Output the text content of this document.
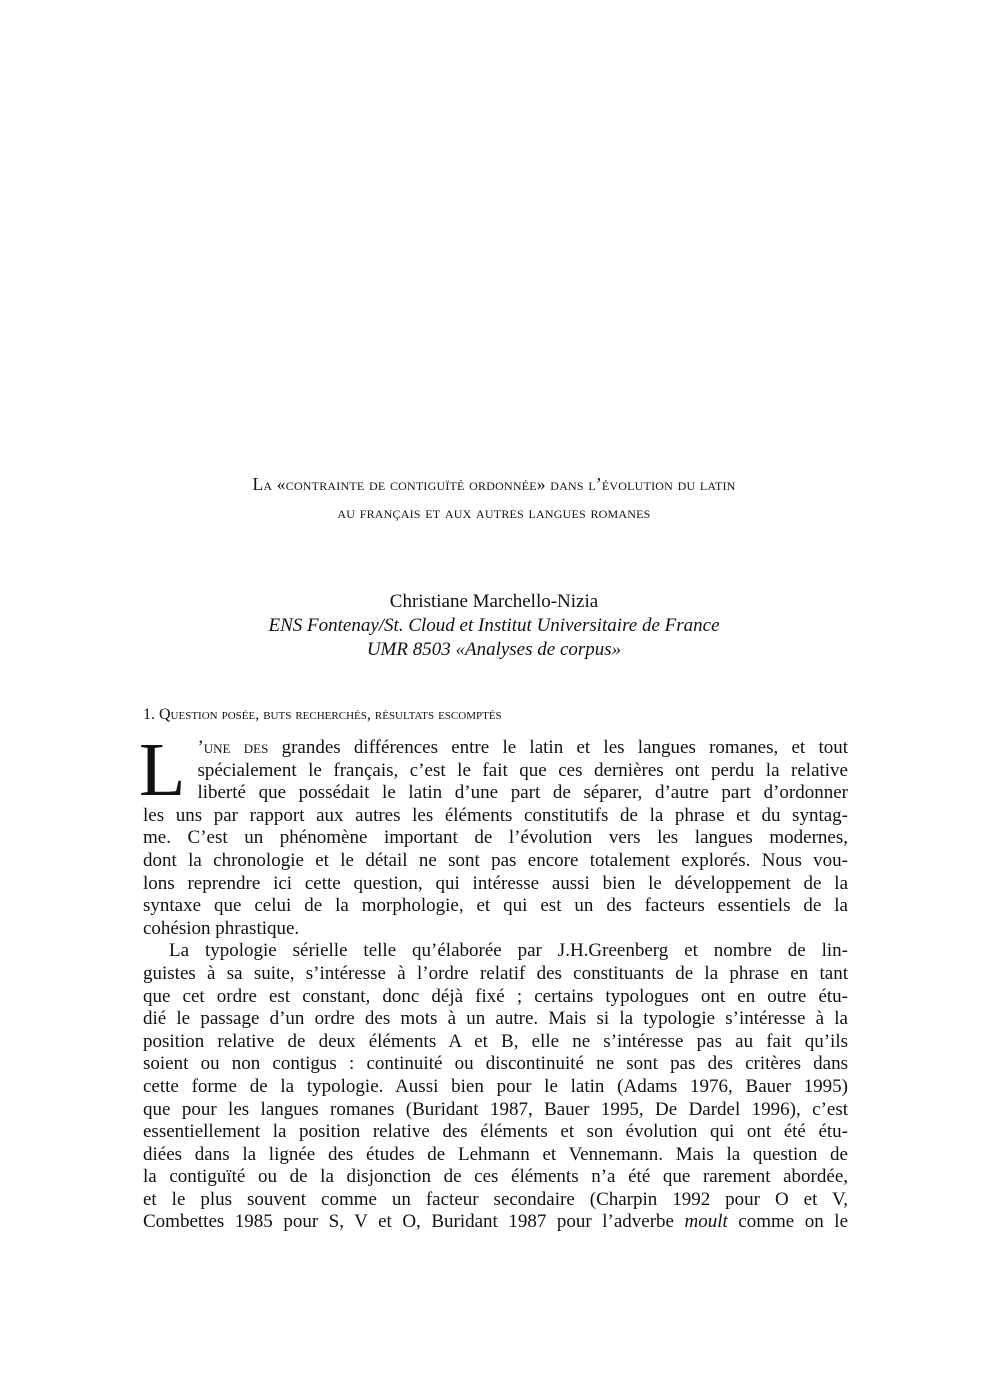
La «contrainte de contiguïté ordonnée» dans l’évolution du latin
au français et aux autres langues romanes
Christiane Marchello-Nizia
ENS Fontenay/St. Cloud et Institut Universitaire de France
UMR 8503 «Analyses de corpus»
1. Question posée, buts recherchés, résultats escomptés
L ’une des grandes différences entre le latin et les langues romanes, et tout
spécialement le français, c’est le fait que ces dernières ont perdu la relative
liberté que possédait le latin d’une part de séparer, d’autre part d’ordonner
les uns par rapport aux autres les éléments constitutifs de la phrase et du syntag-
me. C’est un phénomène important de l’évolution vers les langues modernes,
dont la chronologie et le détail ne sont pas encore totalement explorés. Nous vou-
lons reprendre ici cette question, qui intéresse aussi bien le développement de la
syntaxe que celui de la morphologie, et qui est un des facteurs essentiels de la
cohésion phrastique.
La typologie sérielle telle qu’élaborée par J.H.Greenberg et nombre de lin-
guistes à sa suite, s’intéresse à l’ordre relatif des constituants de la phrase en tant
que cet ordre est constant, donc déjà fixé ; certains typologues ont en outre étu-
dié le passage d’un ordre des mots à un autre. Mais si la typologie s’intéresse à la
position relative de deux éléments A et B, elle ne s’intéresse pas au fait qu’ils
soient ou non contigus : continuité ou discontinuité ne sont pas des critères dans
cette forme de la typologie. Aussi bien pour le latin (Adams 1976, Bauer 1995)
que pour les langues romanes (Buridant 1987, Bauer 1995, De Dardel 1996), c’est
essentiellement la position relative des éléments et son évolution qui ont été étu-
diées dans la lignée des études de Lehmann et Vennemann. Mais la question de
la contiguïté ou de la disjonction de ces éléments n’a été que rarement abordée,
et le plus souvent comme un facteur secondaire (Charpin 1992 pour O et V,
Combettes 1985 pour S, V et O, Buridant 1987 pour l’adverbe moult comme on le
